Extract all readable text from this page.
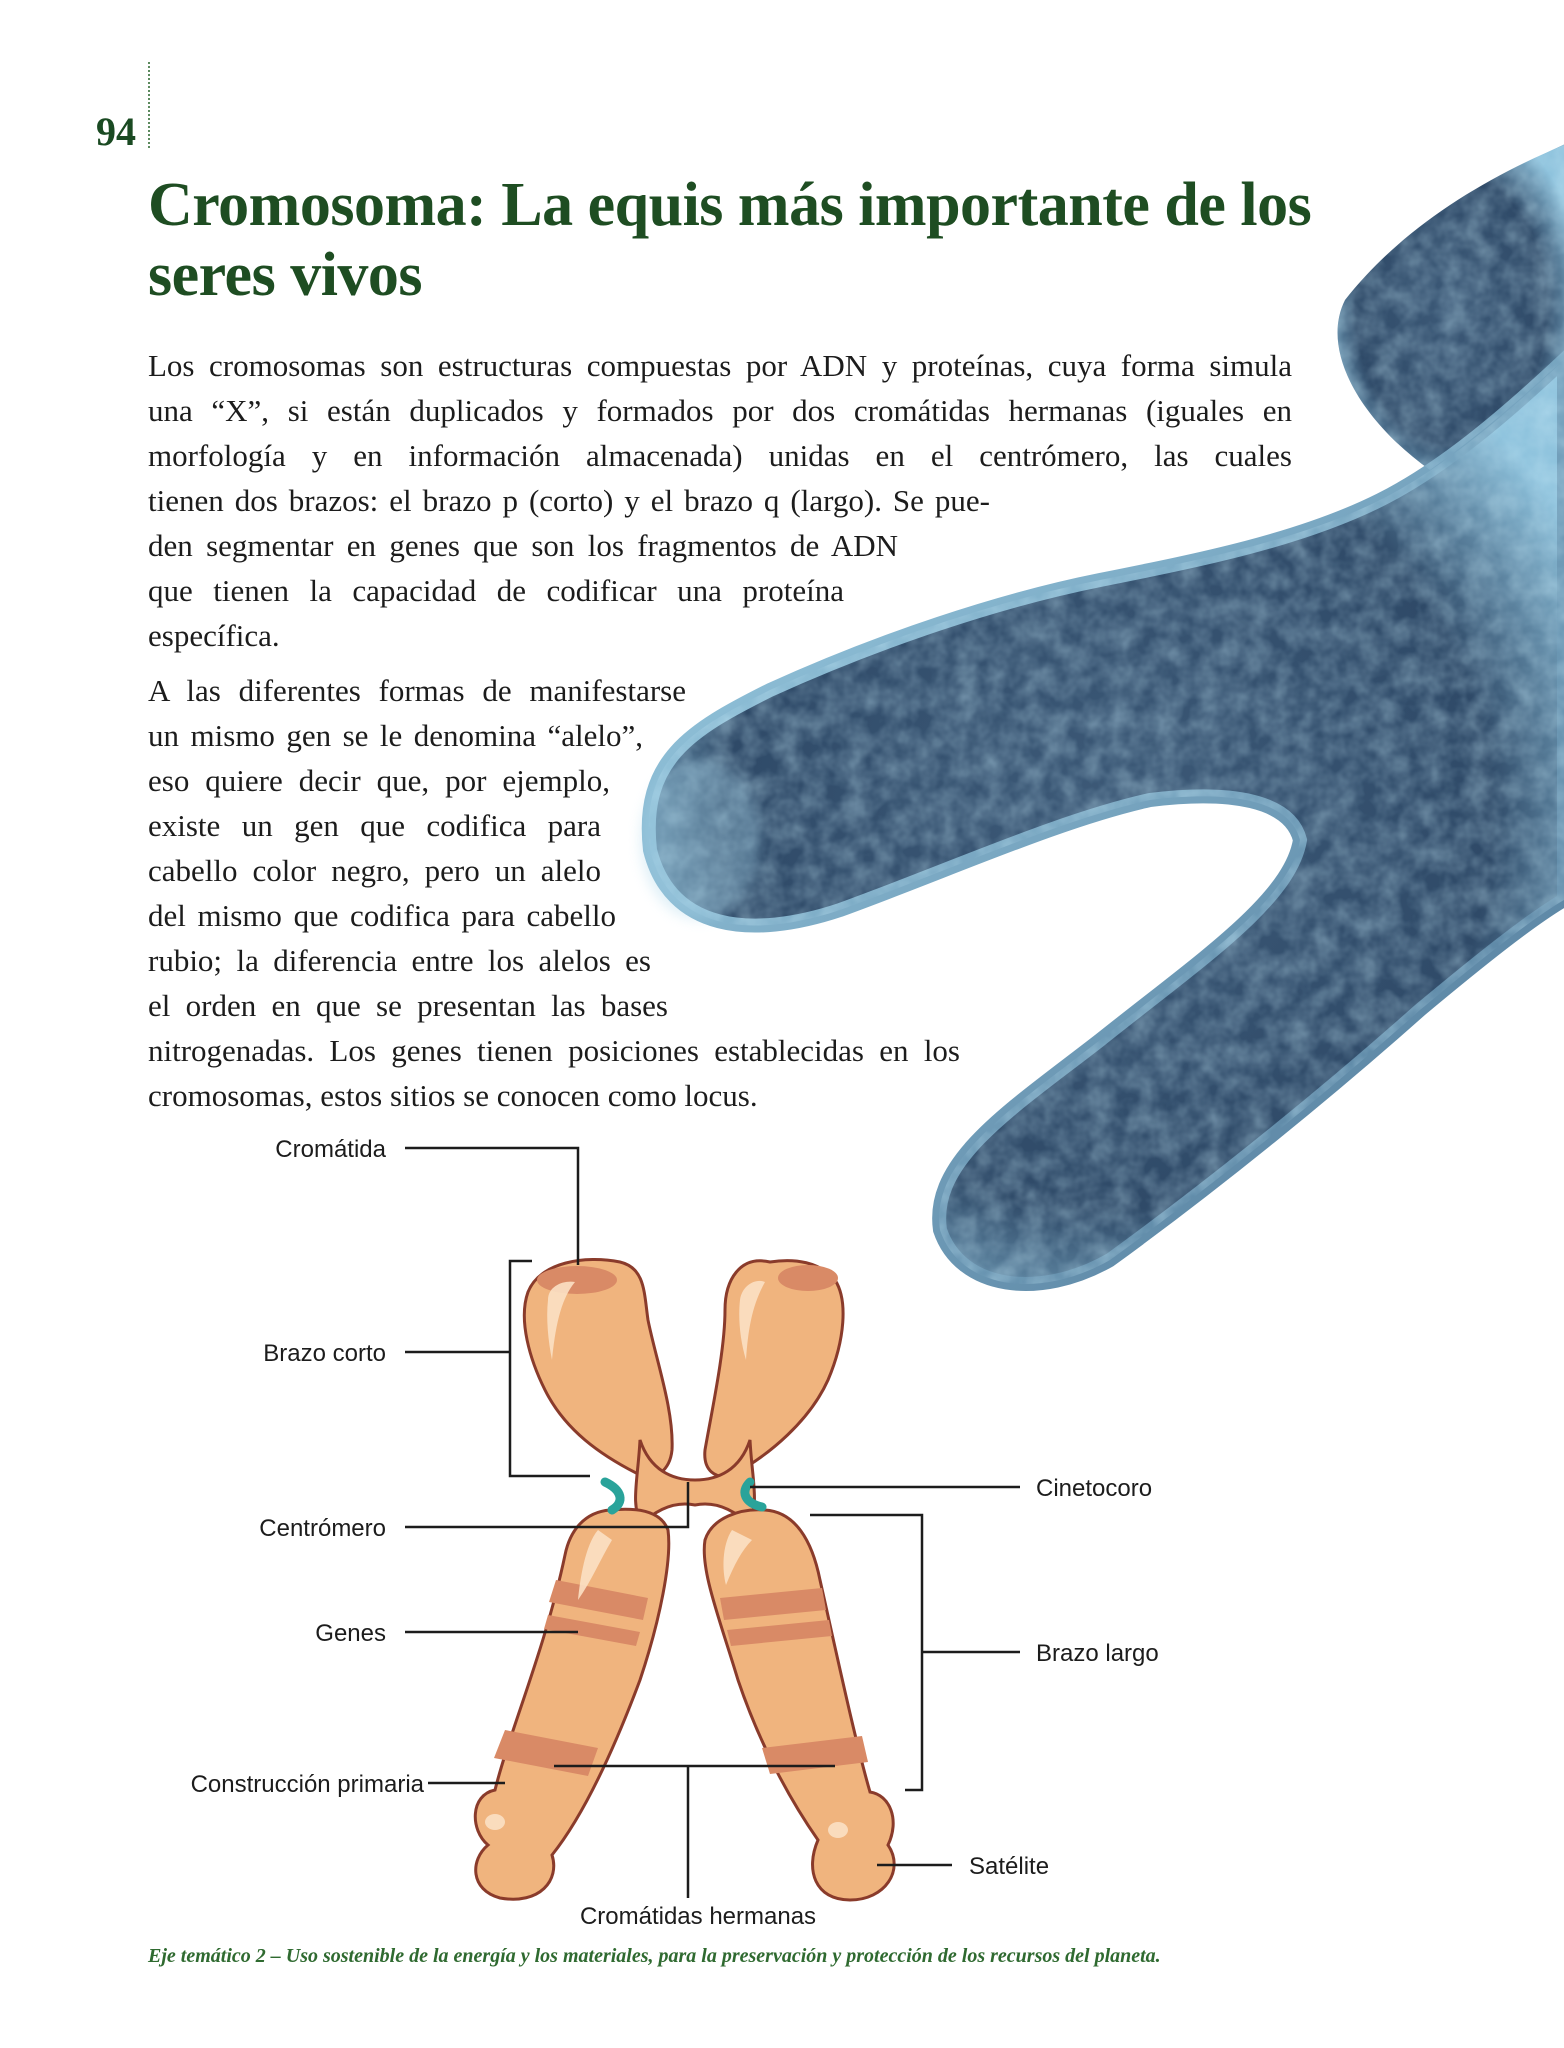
94
Cromosoma: La equis más importante de los seres vivos

Los cromosomas son estructuras compuestas por ADN y proteínas, cuya forma simula
una “X”, si están duplicados y formados por dos cromátidas hermanas (iguales en
morfología y en información almacenada) unidas en el centrómero, las cuales
tienen dos brazos: el brazo p (corto) y el brazo q (largo). Se pue-
den segmentar en genes que son los fragmentos de ADN
que tienen la capacidad de codificar una proteína
específica.

A las diferentes formas de manifestarse
un mismo gen se le denomina “alelo”,
eso quiere decir que, por ejemplo,
existe un gen que codifica para
cabello color negro, pero un alelo
del mismo que codifica para cabello
rubio; la diferencia entre los alelos es
el orden en que se presentan las bases
nitrogenadas. Los genes tienen posiciones establecidas en los
cromosomas, estos sitios se conocen como locus.

Cromátida
Brazo corto
Centrómero
Genes
Construcción primaria
Cinetocoro
Brazo largo
Satélite
Cromátidas hermanas
Eje temático 2 – Uso sostenible de la energía y los materiales, para la preservación y protección de los recursos del planeta.
